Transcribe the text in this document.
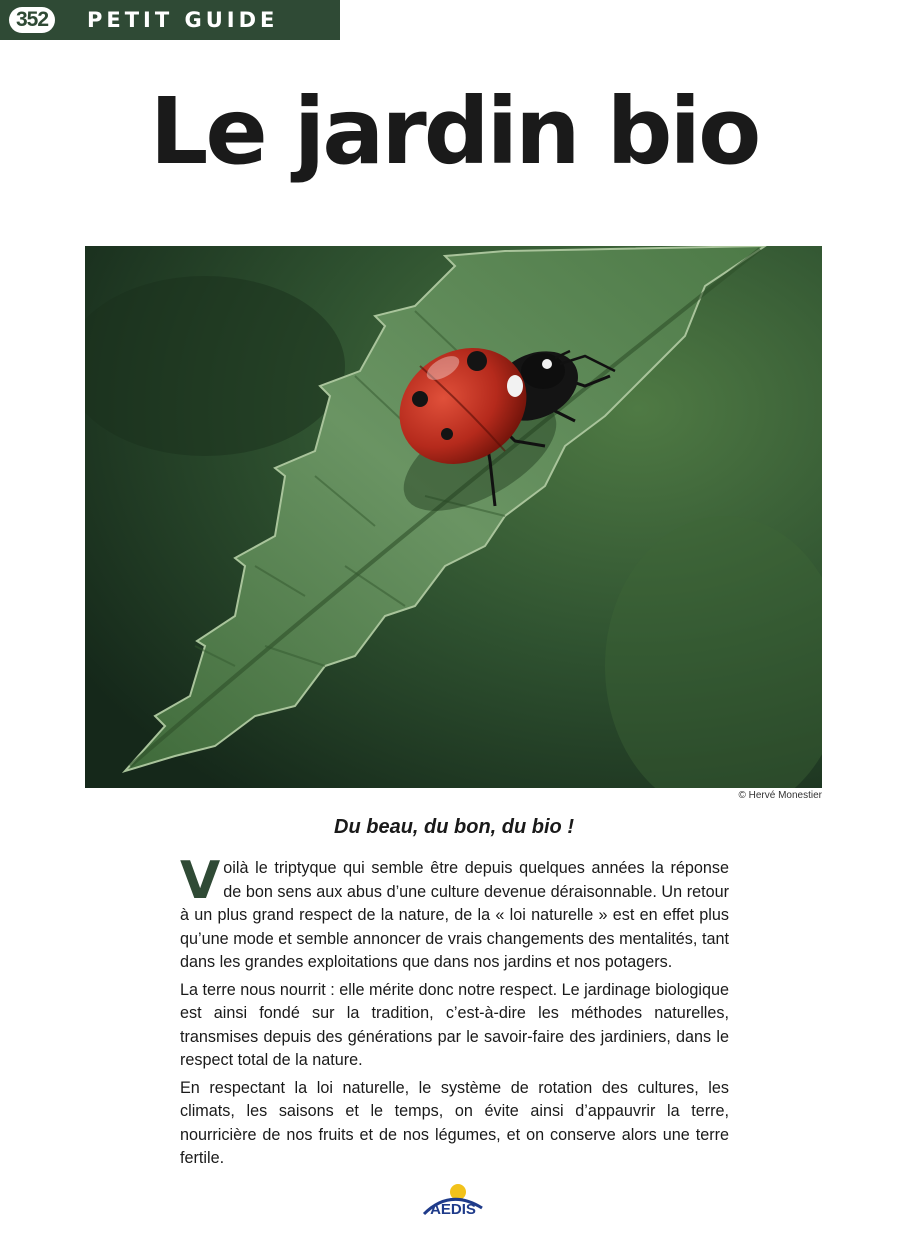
352	PETIT GUIDE
Le jardin bio
© Hervé Monestier
Du beau, du bon, du bio !

Voilà le triptyque qui semble être depuis quelques années la réponse de bon sens aux abus d’une culture devenue déraisonnable. Un retour à un plus grand respect de la nature, de la « loi naturelle » est en effet plus qu’une mode et semble annoncer de vrais changements des mentalités, tant dans les grandes exploitations que dans nos jardins et nos potagers.

La terre nous nourrit : elle mérite donc notre respect. Le jardinage biologique est ainsi fondé sur la tradition, c’est-à-dire les méthodes naturelles, transmises depuis des générations par le savoir-faire des jardiniers, dans le respect total de la nature.

En respectant la loi naturelle, le système de rotation des cultures, les climats, les saisons et le temps, on évite ainsi d’appauvrir la terre, nourricière de nos fruits et de nos légumes, et on conserve alors une terre fertile.

AEDIS
